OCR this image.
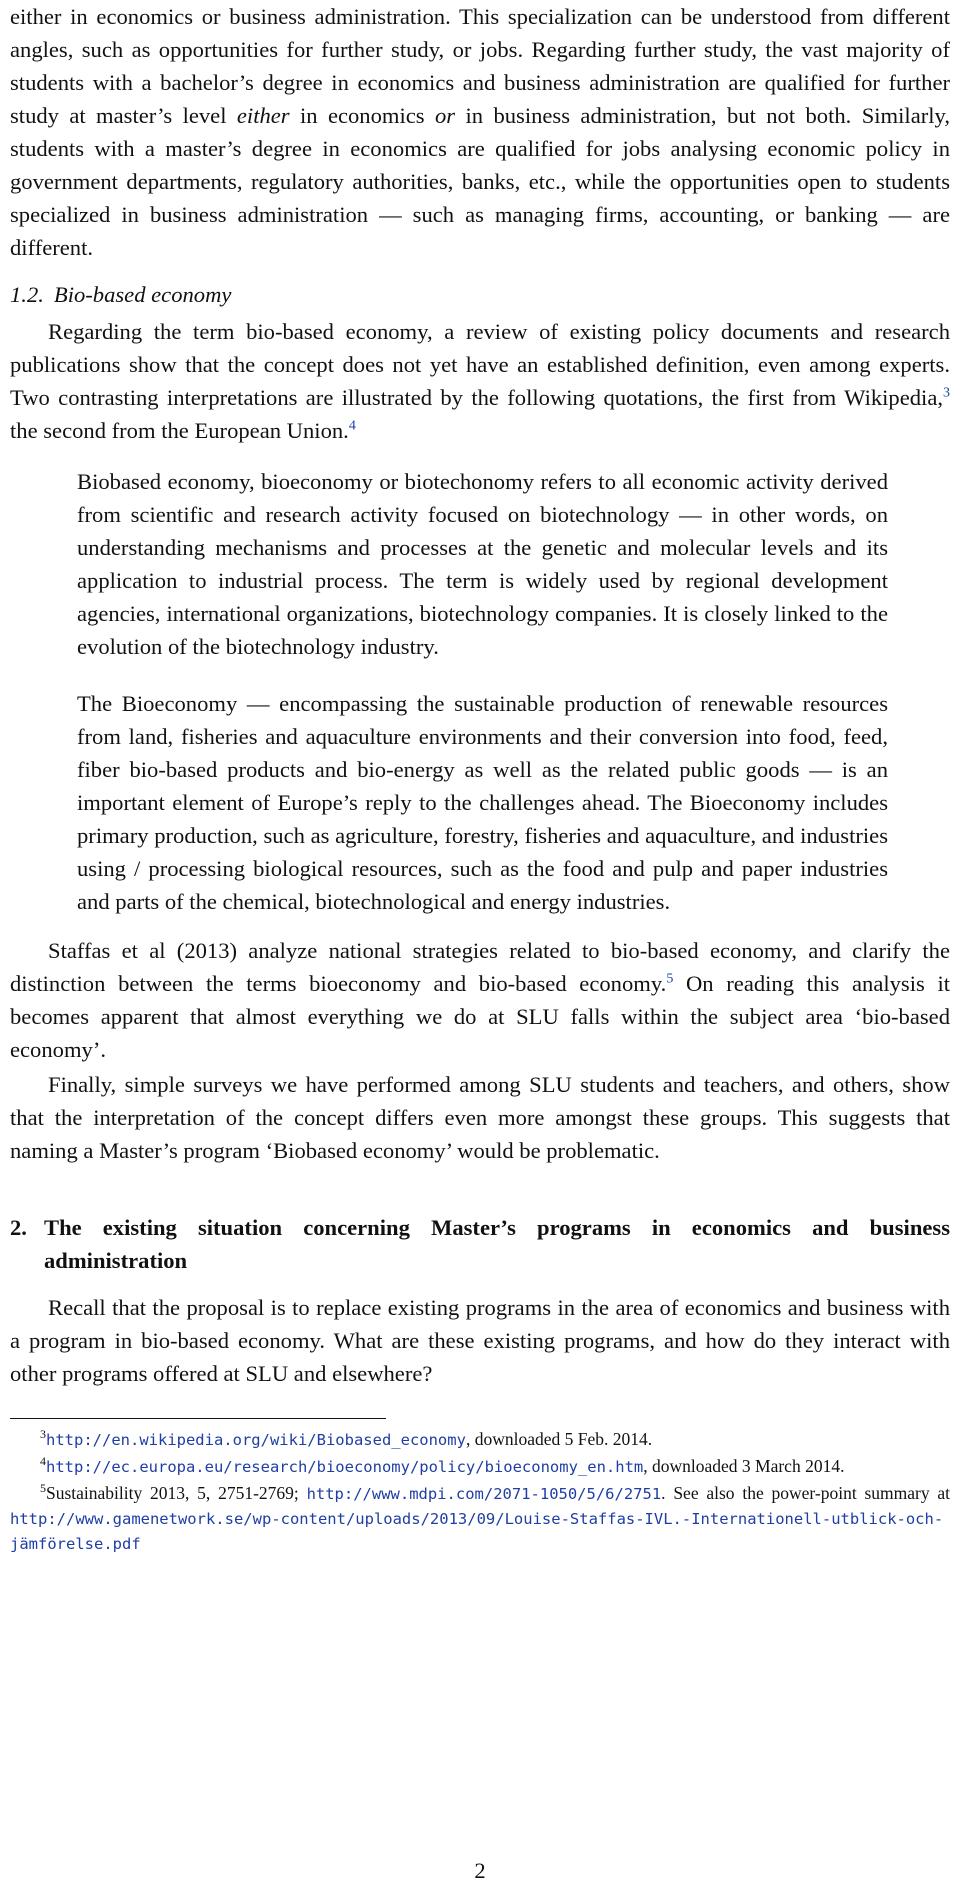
either in economics or business administration. This specialization can be understood from different angles, such as opportunities for further study, or jobs. Regarding further study, the vast majority of students with a bachelor’s degree in economics and business administration are qualified for further study at master’s level either in economics or in business administration, but not both. Similarly, students with a master’s degree in economics are qualified for jobs analysing economic policy in government departments, regulatory authorities, banks, etc., while the opportunities open to students specialized in business administration — such as managing firms, accounting, or banking — are different.

1.2. Bio-based economy

Regarding the term bio-based economy, a review of existing policy documents and research publications show that the concept does not yet have an established definition, even among experts. Two contrasting interpretations are illustrated by the following quotations, the first from Wikipedia,$^3$ the second from the European Union.$^4$

Biobased economy, bioeconomy or biotechonomy refers to all economic activity derived from scientific and research activity focused on biotechnology — in other words, on understanding mechanisms and processes at the genetic and molecular levels and its application to industrial process. The term is widely used by regional development agencies, international organizations, biotechnology companies. It is closely linked to the evolution of the biotechnology industry.

The Bioeconomy — encompassing the sustainable production of renewable resources from land, fisheries and aquaculture environments and their conversion into food, feed, fiber bio-based products and bio-energy as well as the related public goods — is an important element of Europe’s reply to the challenges ahead. The Bioeconomy includes primary production, such as agriculture, forestry, fisheries and aquaculture, and industries using / processing biological resources, such as the food and pulp and paper industries and parts of the chemical, biotechnological and energy industries.

Staffas et al (2013) analyze national strategies related to bio-based economy, and clarify the distinction between the terms bioeconomy and bio-based economy.$^5$ On reading this analysis it becomes apparent that almost everything we do at SLU falls within the subject area ‘bio-based economy’.

Finally, simple surveys we have performed among SLU students and teachers, and others, show that the interpretation of the concept differs even more amongst these groups. This suggests that naming a Master’s program ‘Biobased economy’ would be problematic.

2. The existing situation concerning Master’s programs in economics and business administration

Recall that the proposal is to replace existing programs in the area of economics and business with a program in bio-based economy. What are these existing programs, and how do they interact with other programs offered at SLU and elsewhere?

$^3$http://en.wikipedia.org/wiki/Biobased_economy, downloaded 5 Feb. 2014.

$^4$http://ec.europa.eu/research/bioeconomy/policy/bioeconomy_en.htm, downloaded 3 March 2014.

$^5$Sustainability 2013, 5, 2751-2769; http://www.mdpi.com/2071-1050/5/6/2751. See also the power-point summary at http://www.gamenetwork.se/wp-content/uploads/2013/09/Louise-Staffas-IVL.-Internationell-utblick-och-jämförelse.pdf

2
